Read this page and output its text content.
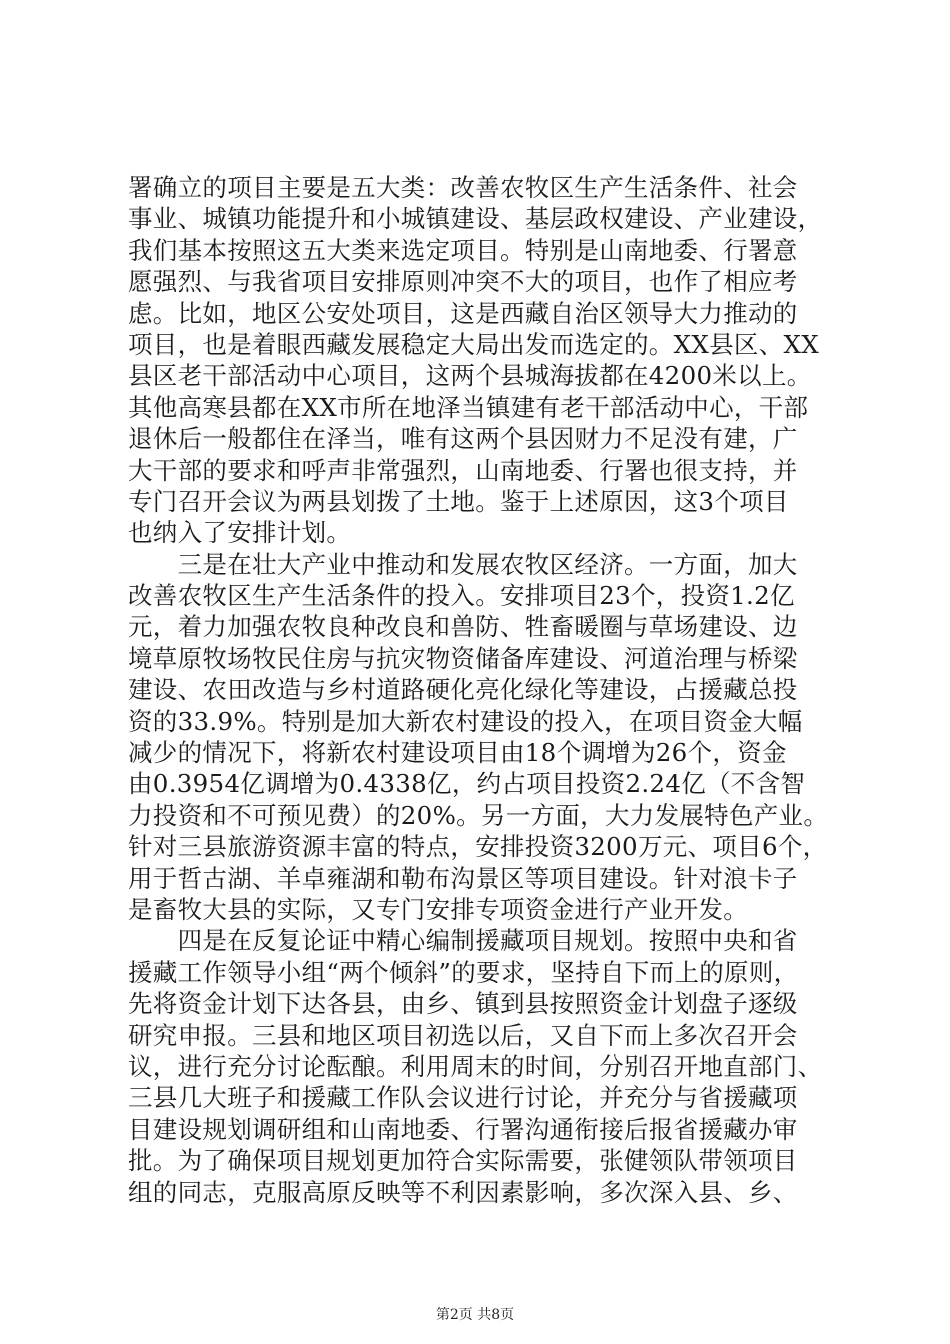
署确立的项目主要是五大类：改善农牧区生产生活条件、社会
事业、城镇功能提升和小城镇建设、基层政权建设、产业建设，
我们基本按照这五大类来选定项目。特别是山南地委、行署意
愿强烈、与我省项目安排原则冲突不大的项目，也作了相应考
虑。比如，地区公安处项目，这是西藏自治区领导大力推动的
项目，也是着眼西藏发展稳定大局出发而选定的。XX县区、XX
县区老干部活动中心项目，这两个县城海拔都在4200米以上。
其他高寒县都在XX市所在地泽当镇建有老干部活动中心，干部
退休后一般都住在泽当，唯有这两个县因财力不足没有建，广
大干部的要求和呼声非常强烈，山南地委、行署也很支持，并
专门召开会议为两县划拨了土地。鉴于上述原因，这3个项目
也纳入了安排计划。
　　三是在壮大产业中推动和发展农牧区经济。一方面，加大
改善农牧区生产生活条件的投入。安排项目23个，投资1.2亿
元，着力加强农牧良种改良和兽防、牲畜暖圈与草场建设、边
境草原牧场牧民住房与抗灾物资储备库建设、河道治理与桥梁
建设、农田改造与乡村道路硬化亮化绿化等建设，占援藏总投
资的33.9%。特别是加大新农村建设的投入，在项目资金大幅
减少的情况下，将新农村建设项目由18个调增为26个，资金
由0.3954亿调增为0.4338亿，约占项目投资2.24亿（不含智
力投资和不可预见费）的20%。另一方面，大力发展特色产业。
针对三县旅游资源丰富的特点，安排投资3200万元、项目6个，
用于哲古湖、羊卓雍湖和勒布沟景区等项目建设。针对浪卡子
是畜牧大县的实际，又专门安排专项资金进行产业开发。
　　四是在反复论证中精心编制援藏项目规划。按照中央和省
援藏工作领导小组“两个倾斜”的要求，坚持自下而上的原则，
先将资金计划下达各县，由乡、镇到县按照资金计划盘子逐级
研究申报。三县和地区项目初选以后，又自下而上多次召开会
议，进行充分讨论酝酿。利用周末的时间，分别召开地直部门、
三县几大班子和援藏工作队会议进行讨论，并充分与省援藏项
目建设规划调研组和山南地委、行署沟通衔接后报省援藏办审
批。为了确保项目规划更加符合实际需要，张健领队带领项目
组的同志，克服高原反映等不利因素影响，多次深入县、乡、
第2页 共8页
